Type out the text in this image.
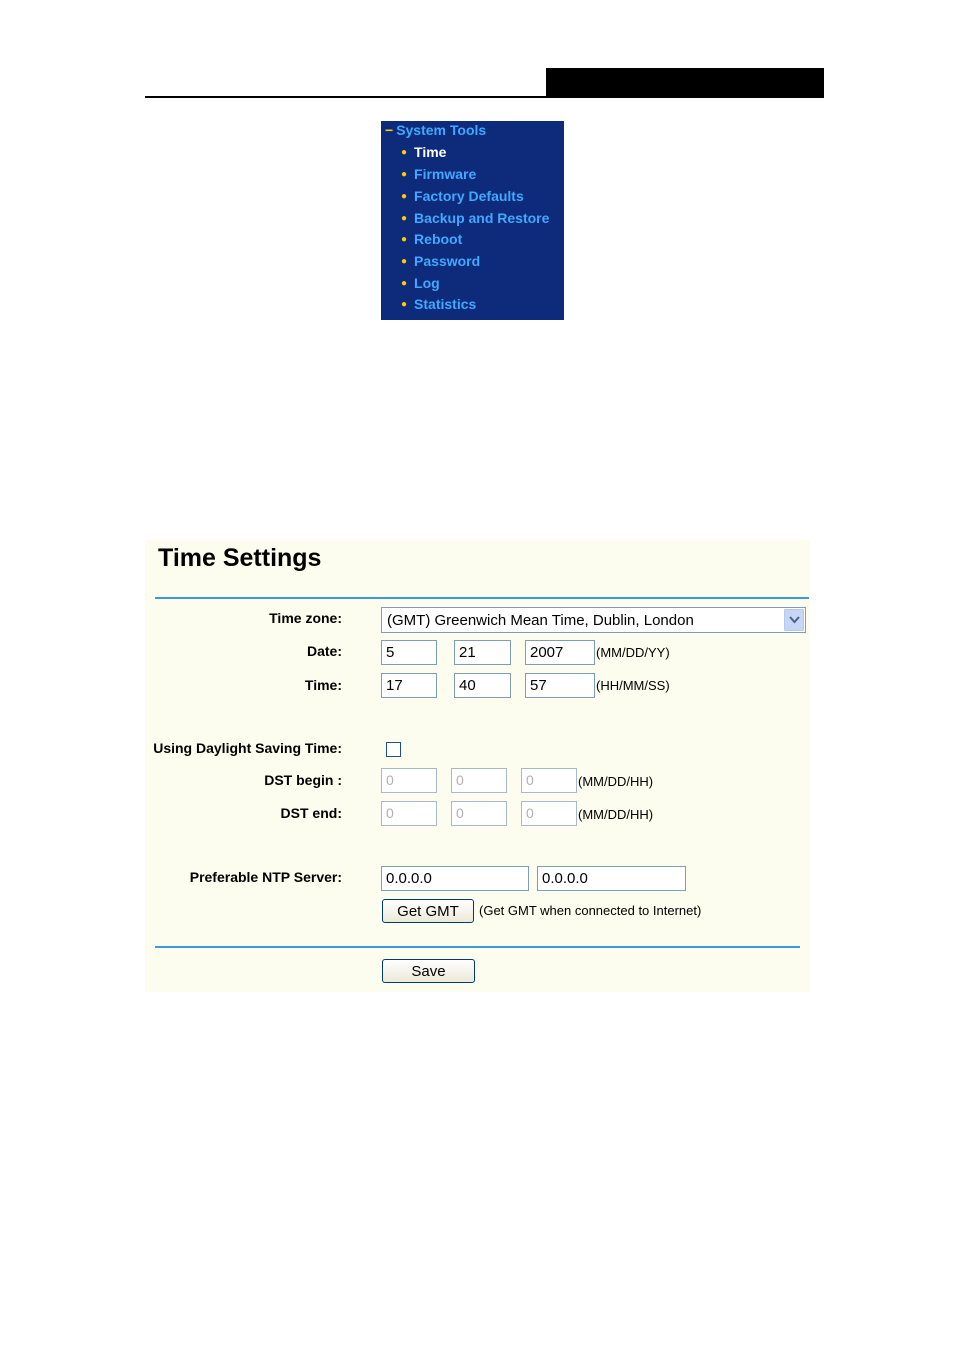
− System Tools
● Time
● Firmware
● Factory Defaults
● Backup and Restore
● Reboot
● Password
● Log
● Statistics
Time Settings
Time zone:	(GMT) Greenwich Mean Time, Dublin, London
Date:	5	21	2007	(MM/DD/YY)
Time:	17	40	57	(HH/MM/SS)
Using Daylight Saving Time:
DST begin :	0	0	0	(MM/DD/HH)
DST end:	0	0	0	(MM/DD/HH)
Preferable NTP Server:	0.0.0.0	0.0.0.0
Get GMT	(Get GMT when connected to Internet)
Save
